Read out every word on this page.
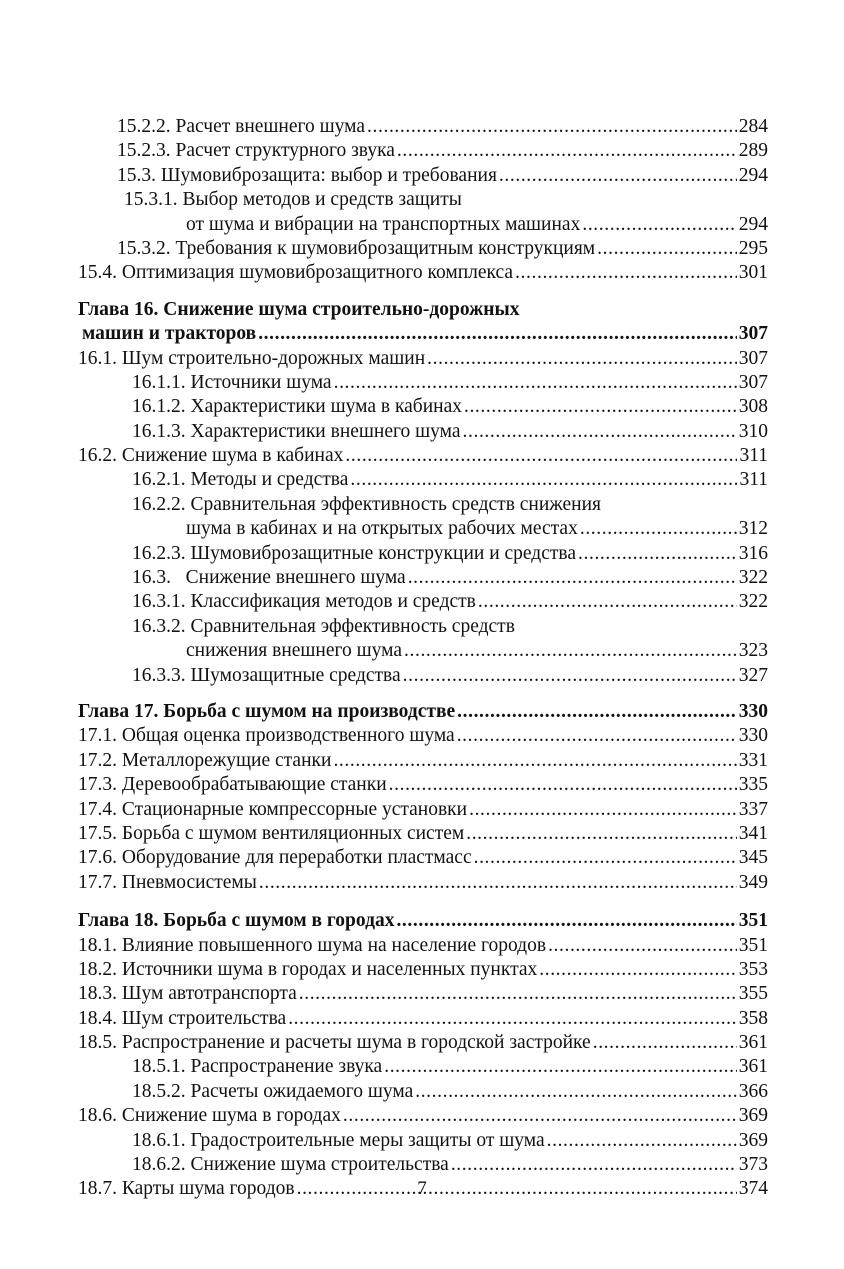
15.2.2. Расчет внешнего шума .....	284
15.2.3. Расчет структурного звука .....	289
15.3. Шумовиброзащита: выбор и требования .....	294
15.3.1. Выбор методов и средств защиты
от шума и вибрации на транспортных машинах .....	294
15.3.2. Требования к шумовиброзащитным конструкциям .....	295
15.4. Оптимизация шумовиброзащитного комплекса .....	301
Глава 16. Снижение шума строительно-дорожных
машин и тракторов .....	307
16.1. Шум строительно-дорожных машин .....	307
16.1.1. Источники шума .....	307
16.1.2. Характеристики шума в кабинах .....	308
16.1.3. Характеристики внешнего шума .....	310
16.2. Снижение шума в кабинах .....	311
16.2.1. Методы и средства .....	311
16.2.2. Сравнительная эффективность средств снижения
шума в кабинах и на открытых рабочих местах .....	312
16.2.3. Шумовиброзащитные конструкции и средства .....	316
16.3.   Снижение внешнего шума .....	322
16.3.1. Классификация методов и средств .....	322
16.3.2. Сравнительная эффективность средств
снижения внешнего шума .....	323
16.3.3. Шумозащитные средства .....	327
Глава 17. Борьба с шумом на производстве .....	330
17.1. Общая оценка производственного шума .....	330
17.2. Металлорежущие станки .....	331
17.3. Деревообрабатывающие станки .....	335
17.4. Стационарные компрессорные установки .....	337
17.5. Борьба с шумом вентиляционных систем .....	341
17.6. Оборудование для переработки пластмасс .....	345
17.7. Пневмосистемы .....	349
Глава 18. Борьба с шумом в городах .....	351
18.1. Влияние повышенного шума на население городов .....	351
18.2. Источники шума в городах и населенных пунктах .....	353
18.3. Шум автотранспорта .....	355
18.4. Шум строительства .....	358
18.5. Распространение и расчеты шума в городской застройке .....	361
18.5.1. Распространение звука .....	361
18.5.2. Расчеты ожидаемого шума .....	366
18.6. Снижение шума в городах .....	369
18.6.1. Градостроительные меры защиты от шума .....	369
18.6.2. Снижение шума строительства .....	373
18.7. Карты шума городов .....	374
7
